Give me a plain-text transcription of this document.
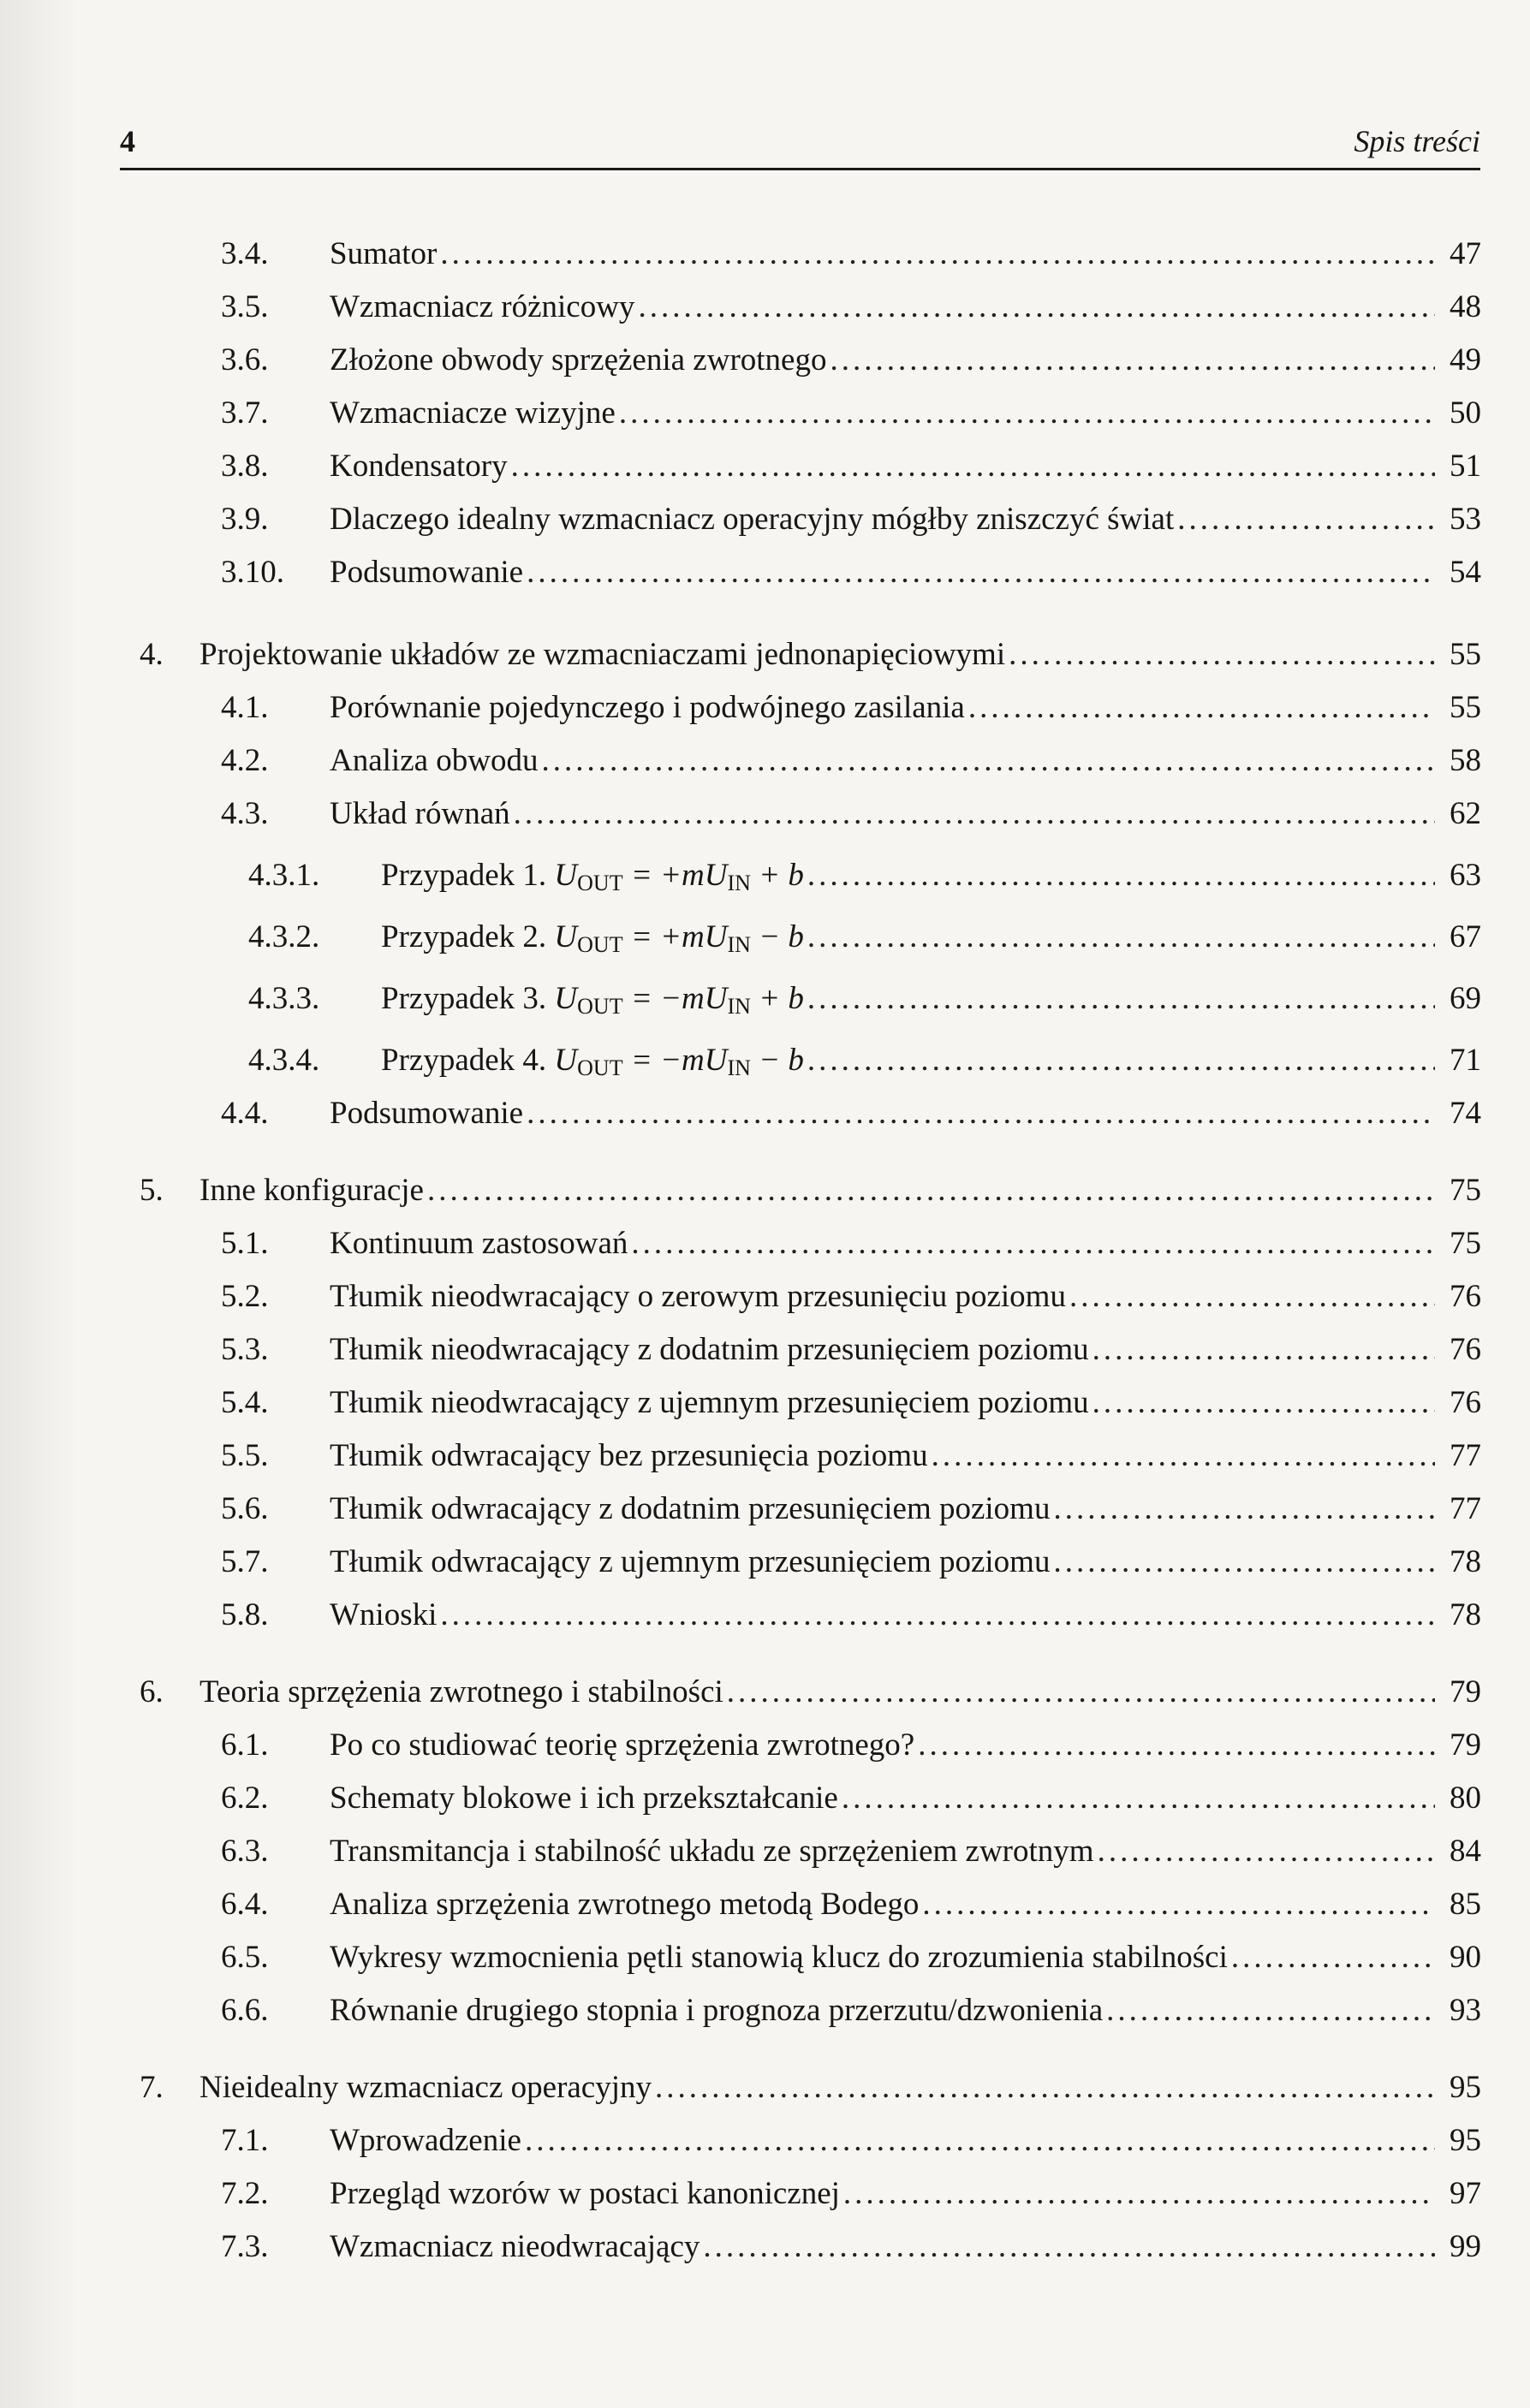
4	Spis treści
3.4.	Sumator .....	47
3.5.	Wzmacniacz różnicowy .....	48
3.6.	Złożone obwody sprzężenia zwrotnego .....	49
3.7.	Wzmacniacze wizyjne .....	50
3.8.	Kondensatory .....	51
3.9.	Dlaczego idealny wzmacniacz operacyjny mógłby zniszczyć świat .....	53
3.10.	Podsumowanie .....	54
4.	Projektowanie układów ze wzmacniaczami jednonapięciowymi .....	55
4.1.	Porównanie pojedynczego i podwójnego zasilania .....	55
4.2.	Analiza obwodu .....	58
4.3.	Układ równań .....	62
4.3.1.	Przypadek 1. $U_{OUT} = +mU_{IN} + b$ .....	63
4.3.2.	Przypadek 2. $U_{OUT} = +mU_{IN} - b$ .....	67
4.3.3.	Przypadek 3. $U_{OUT} = -mU_{IN} + b$ .....	69
4.3.4.	Przypadek 4. $U_{OUT} = -mU_{IN} - b$ .....	71
4.4.	Podsumowanie .....	74
5.	Inne konfiguracje .....	75
5.1.	Kontinuum zastosowań .....	75
5.2.	Tłumik nieodwracający o zerowym przesunięciu poziomu .....	76
5.3.	Tłumik nieodwracający z dodatnim przesunięciem poziomu .....	76
5.4.	Tłumik nieodwracający z ujemnym przesunięciem poziomu .....	76
5.5.	Tłumik odwracający bez przesunięcia poziomu .....	77
5.6.	Tłumik odwracający z dodatnim przesunięciem poziomu .....	77
5.7.	Tłumik odwracający z ujemnym przesunięciem poziomu .....	78
5.8.	Wnioski .....	78
6.	Teoria sprzężenia zwrotnego i stabilności .....	79
6.1.	Po co studiować teorię sprzężenia zwrotnego? .....	79
6.2.	Schematy blokowe i ich przekształcanie .....	80
6.3.	Transmitancja i stabilność układu ze sprzężeniem zwrotnym .....	84
6.4.	Analiza sprzężenia zwrotnego metodą Bodego .....	85
6.5.	Wykresy wzmocnienia pętli stanowią klucz do zrozumienia stabilności .....	90
6.6.	Równanie drugiego stopnia i prognoza przerzutu/dzwonienia .....	93
7.	Nieidealny wzmacniacz operacyjny .....	95
7.1.	Wprowadzenie .....	95
7.2.	Przegląd wzorów w postaci kanonicznej .....	97
7.3.	Wzmacniacz nieodwracający .....	99
